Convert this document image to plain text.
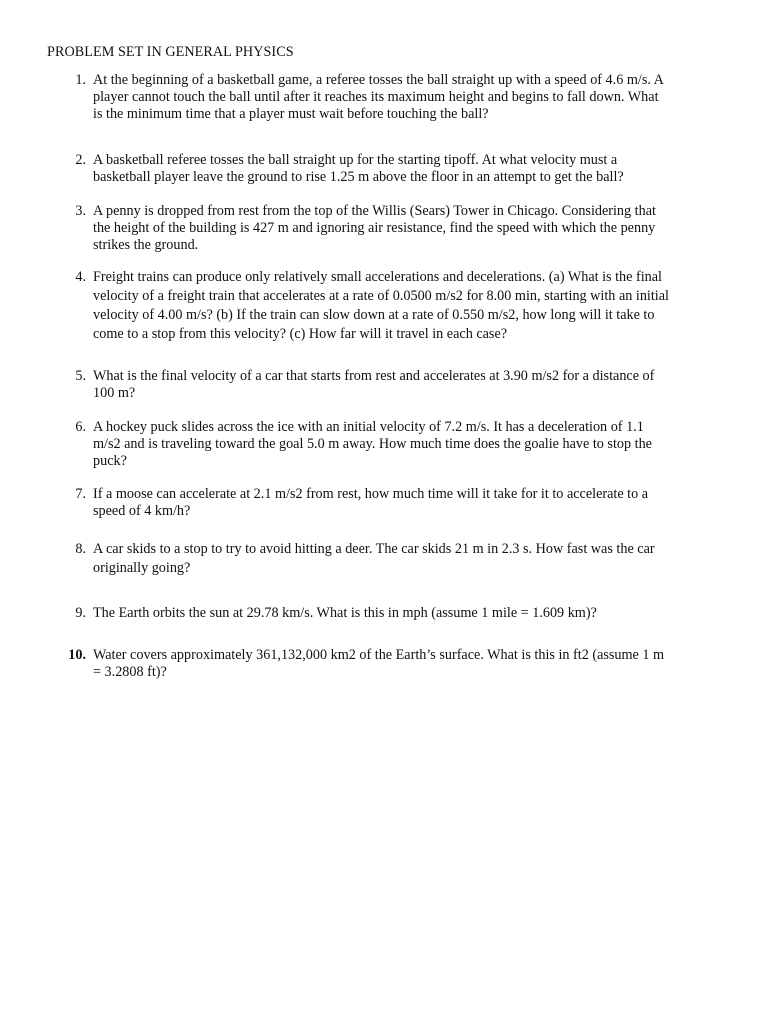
PROBLEM SET IN GENERAL PHYSICS
1. At the beginning of a basketball game, a referee tosses the ball straight up with a speed of 4.6 m/s. A
player cannot touch the ball until after it reaches its maximum height and begins to fall down. What
is the minimum time that a player must wait before touching the ball?
2. A basketball referee tosses the ball straight up for the starting tipoff. At what velocity must a
basketball player leave the ground to rise 1.25 m above the floor in an attempt to get the ball?
3. A penny is dropped from rest from the top of the Willis (Sears) Tower in Chicago. Considering that
the height of the building is 427 m and ignoring air resistance, find the speed with which the penny
strikes the ground.
4. Freight trains can produce only relatively small accelerations and decelerations. (a) What is the final
velocity of a freight train that accelerates at a rate of 0.0500 m/s2 for 8.00 min, starting with an initial
velocity of 4.00 m/s? (b) If the train can slow down at a rate of 0.550 m/s2, how long will it take to
come to a stop from this velocity? (c) How far will it travel in each case?
5. What is the final velocity of a car that starts from rest and accelerates at 3.90 m/s2 for a distance of
100 m?
6. A hockey puck slides across the ice with an initial velocity of 7.2 m/s. It has a deceleration of 1.1
m/s2 and is traveling toward the goal 5.0 m away. How much time does the goalie have to stop the
puck?
7. If a moose can accelerate at 2.1 m/s2 from rest, how much time will it take for it to accelerate to a
speed of 4 km/h?
8. A car skids to a stop to try to avoid hitting a deer. The car skids 21 m in 2.3 s. How fast was the car
originally going?
9. The Earth orbits the sun at 29.78 km/s. What is this in mph (assume 1 mile = 1.609 km)?
10. Water covers approximately 361,132,000 km2 of the Earth’s surface. What is this in ft2 (assume 1 m
= 3.2808 ft)?
